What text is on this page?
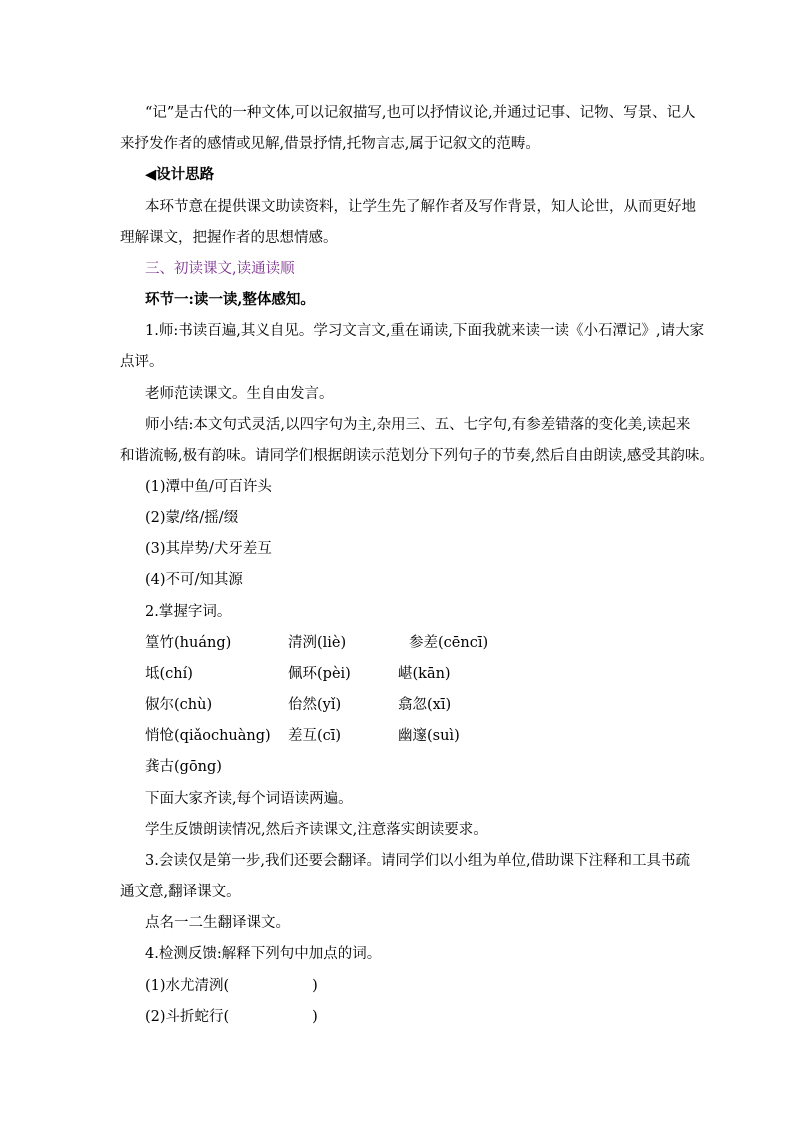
“记”是古代的一种文体,可以记叙描写,也可以抒情议论,并通过记事、记物、写景、记人
来抒发作者的感情或见解,借景抒情,托物言志,属于记叙文的范畴。
◀设计思路
本环节意在提供课文助读资料，让学生先了解作者及写作背景，知人论世，从而更好地
理解课文，把握作者的思想情感。
三、初读课文,读通读顺
环节一:读一读,整体感知。
1.师:书读百遍,其义自见。学习文言文,重在诵读,下面我就来读一读《小石潭记》,请大家
点评。
老师范读课文。生自由发言。
师小结:本文句式灵活,以四字句为主,杂用三、五、七字句,有参差错落的变化美,读起来
和谐流畅,极有韵味。请同学们根据朗读示范划分下列句子的节奏,然后自由朗读,感受其韵味。
(1)潭中鱼/可百许头
(2)蒙/络/摇/缀
(3)其岸势/犬牙差互
(4)不可/知其源
2.掌握字词。
篁竹(huáng)	清洌(liè)	参差(cēncī)
坻(chí)	佩环(pèi)	嵁(kān)
俶尔(chù)	佁然(yǐ)	翕忽(xī)
悄怆(qiǎochuàng) 差互(cī)	幽邃(suì)
龚古(gōng)
下面大家齐读,每个词语读两遍。
学生反馈朗读情况,然后齐读课文,注意落实朗读要求。
3.会读仅是第一步,我们还要会翻译。请同学们以小组为单位,借助课下注释和工具书疏
通文意,翻译课文。
点名一二生翻译课文。
4.检测反馈:解释下列句中加点的词。
(1)水尤清洌(                  )
(2)斗折蛇行(                  )
